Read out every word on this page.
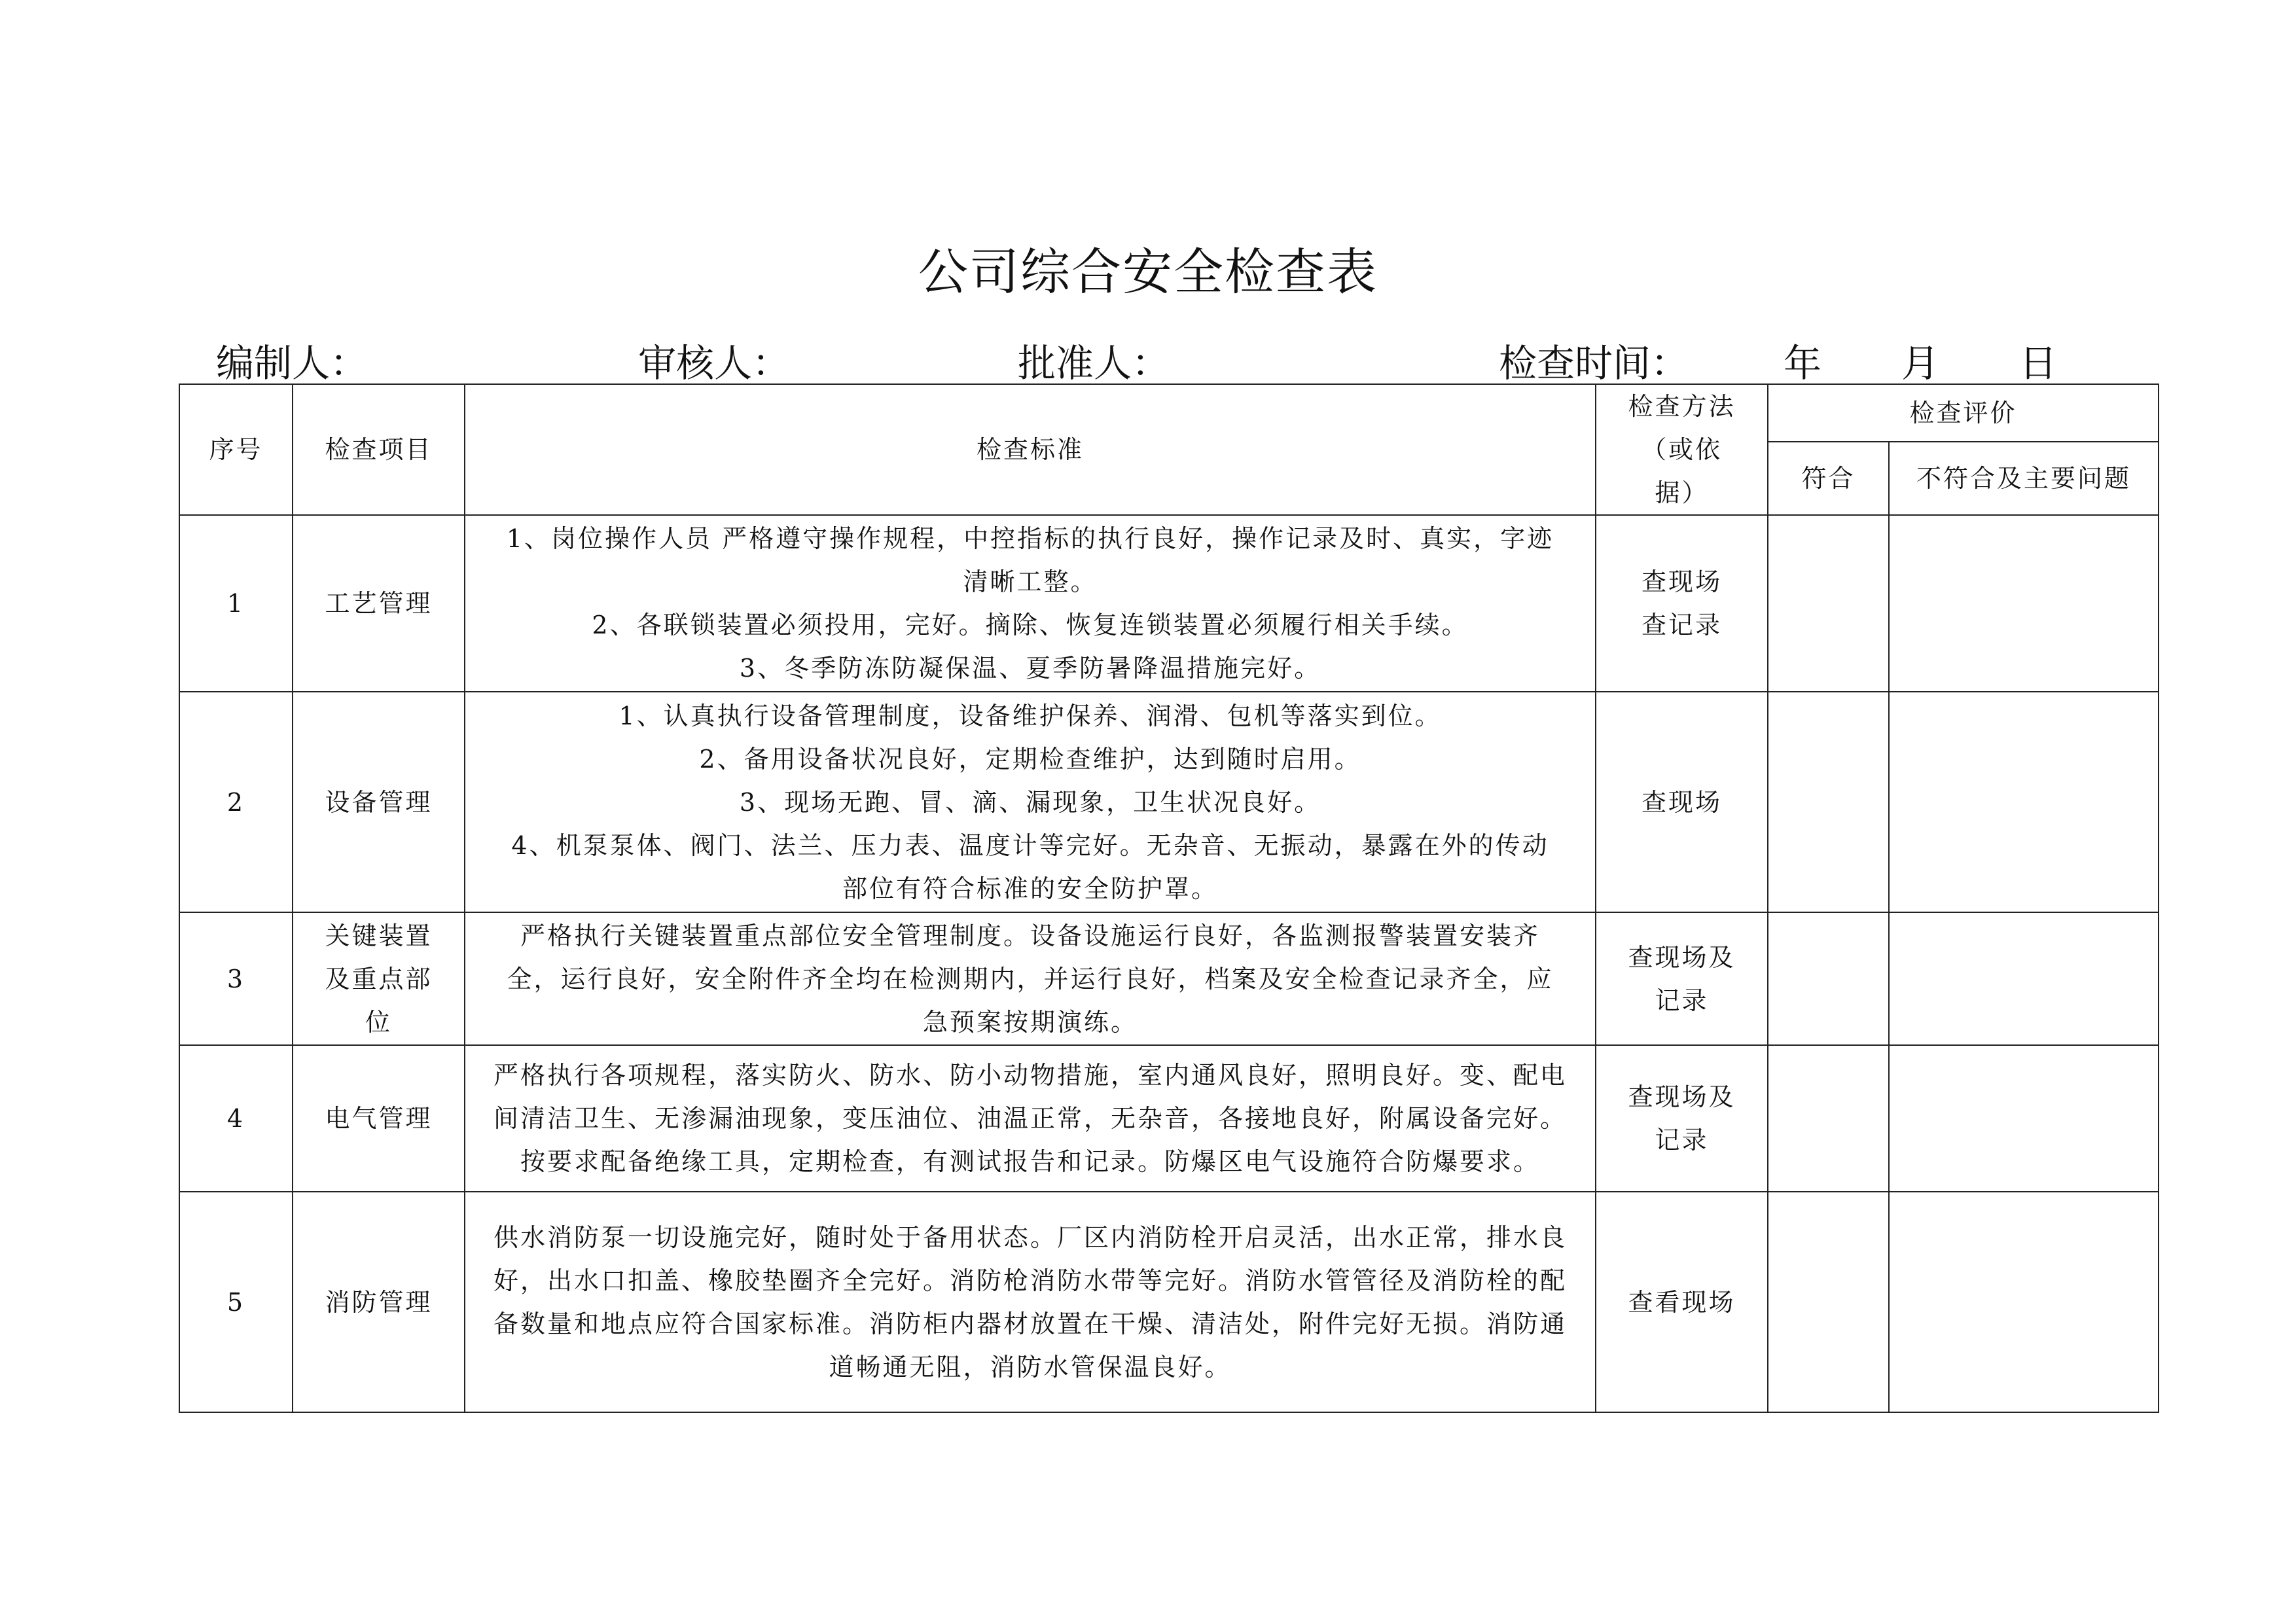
公司综合安全检查表
编制人：	审核人：	批准人：	检查时间： 年 月 日
序号	检查项目	检查标准	检查方法
（或依
据）	检查评价	
				符合	不符合及主要问题
1	工艺管理	1、岗位操作人员 严格遵守操作规程，中控指标的执行良好，操作记录及时、真实，字迹
清晰工整。
2、各联锁装置必须投用，完好。摘除、恢复连锁装置必须履行相关手续。
3、冬季防冻防凝保温、夏季防暑降温措施完好。	查现场
查记录		

2	设备管理	1、认真执行设备管理制度，设备维护保养、润滑、包机等落实到位。
2、备用设备状况良好，定期检查维护，达到随时启用。
3、现场无跑、冒、滴、漏现象，卫生状况良好。
4、机泵泵体、阀门、法兰、压力表、温度计等完好。无杂音、无振动，暴露在外的传动
部位有符合标准的安全防护罩。	查现场		

3	关键装置
及重点部
位	严格执行关键装置重点部位安全管理制度。设备设施运行良好，各监测报警装置安装齐
全，运行良好，安全附件齐全均在检测期内，并运行良好，档案及安全检查记录齐全，应
急预案按期演练。	查现场及
记录		

4	电气管理	严格执行各项规程，落实防火、防水、防小动物措施，室内通风良好，照明良好。变、配电
间清洁卫生、无渗漏油现象，变压油位、油温正常，无杂音，各接地良好，附属设备完好。
按要求配备绝缘工具，定期检查，有测试报告和记录。防爆区电气设施符合防爆要求。	查现场及
记录		

5	消防管理	供水消防泵一切设施完好，随时处于备用状态。厂区内消防栓开启灵活，出水正常，排水良
好，出水口扣盖、橡胶垫圈齐全完好。消防枪消防水带等完好。消防水管管径及消防栓的配
备数量和地点应符合国家标准。消防柜内器材放置在干燥、清洁处，附件完好无损。消防通
道畅通无阻，消防水管保温良好。	查看现场		
